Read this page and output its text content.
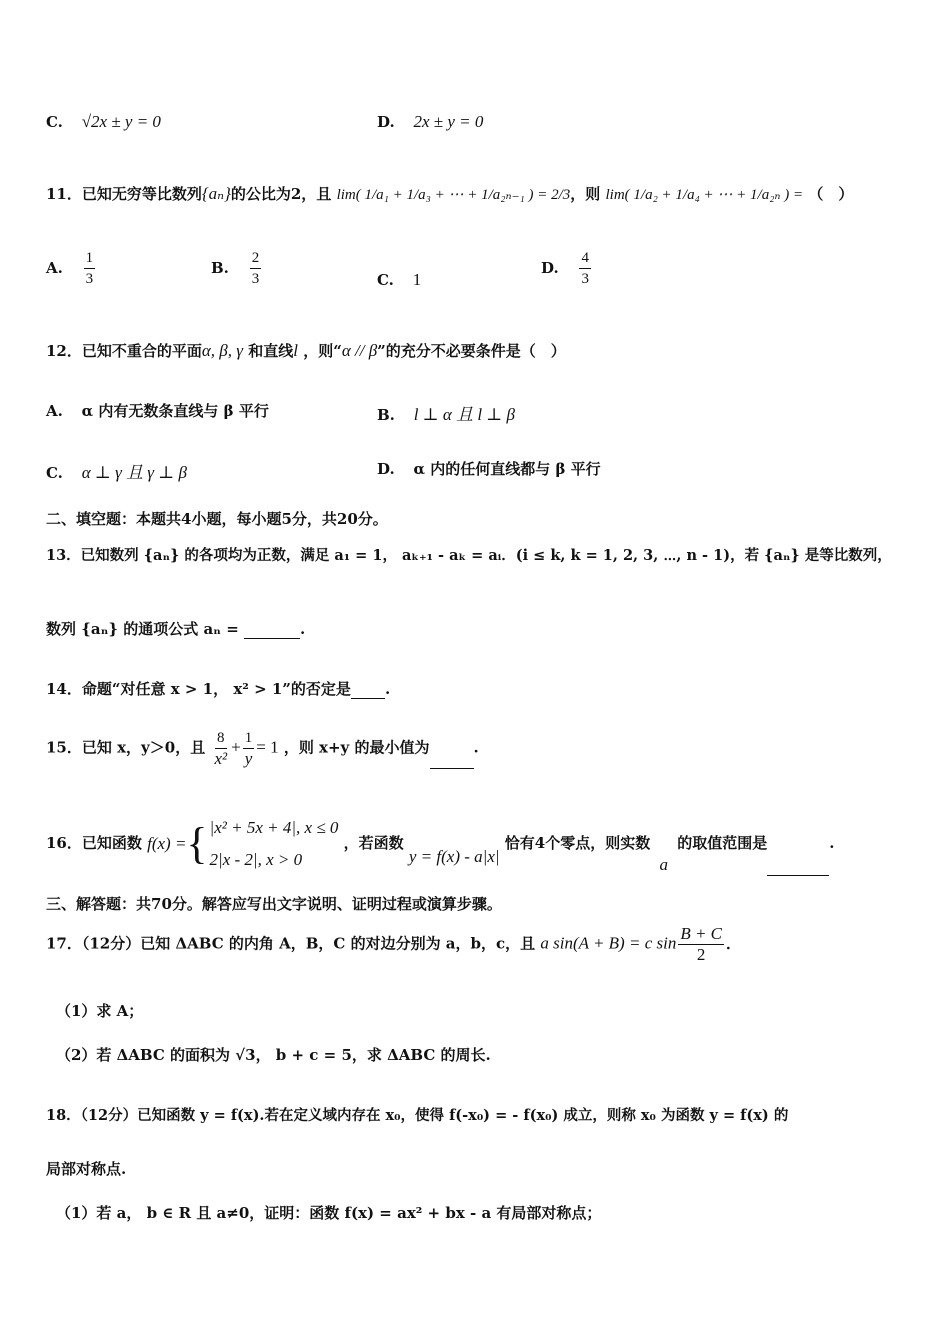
C. √2x ± y = 0	D. 2x ± y = 0
11．已知无穷等比数列{aₙ}的公比为2，且 lim( 1/a₁ + 1/a₃ + ⋯ + 1/a₂ₙ₋₁ ) = 2/3，则 lim( 1/a₂ + 1/a₄ + ⋯ + 1/a₂ₙ ) = （　）
A. $\frac{1}{3}$	B. $\frac{2}{3}$	C. 1
D. $\frac{4}{3}$
12．已知不重合的平面α, β, γ 和直线l ，则“α // β”的充分不必要条件是（　）
A. α 内有无数条直线与 β 平行	B. l ⊥ α 且 l ⊥ β
C. α ⊥ γ 且 γ ⊥ β	D. α 内的任何直线都与 β 平行
二、填空题：本题共4小题，每小题5分，共20分。
13．已知数列 {aₙ} 的各项均为正数，满足 a₁ = 1， aₖ₊₁ - aₖ = aᵢ．(i ≤ k, k = 1, 2, 3, ⋯, n - 1)，若 {aₙ} 是等比数列，
数列 {aₙ} 的通项公式 aₙ =	.
14．命题“对任意 x > 1， x² > 1”的否定是 .
15．已知 x，y＞0，且 $\frac{8}{\text{x²}} + \frac{1}{y} = 1$ ，则 x+y 的最小值为	.
16．已知函数 f(x) = { |x² + 5x + 4|, x ≤ 0
2|x - 2|, x > 0
，若函数 y = f(x) - a|x| 恰有4个零点，则实数 a 的取值范围是	.
三、解答题：共70分。解答应写出文字说明、证明过程或演算步骤。
17．（12分）已知 ΔABC 的内角 A，B，C 的对边分别为 a，b，c，且 a sin(A + B) = c $\sin \frac{B + C}{2}$ ．
（1）求 A；
（2）若 ΔABC 的面积为 √3， b + c = 5，求 ΔABC 的周长.
18．（12分）已知函数 y = f(x).若在定义域内存在 x₀，使得 f(-x₀) = - f(x₀) 成立，则称 x₀ 为函数 y = f(x) 的
局部对称点.
（1）若 a， b ∈ R 且 a≠0，证明：函数 f(x) = ax² + bx - a 有局部对称点；
